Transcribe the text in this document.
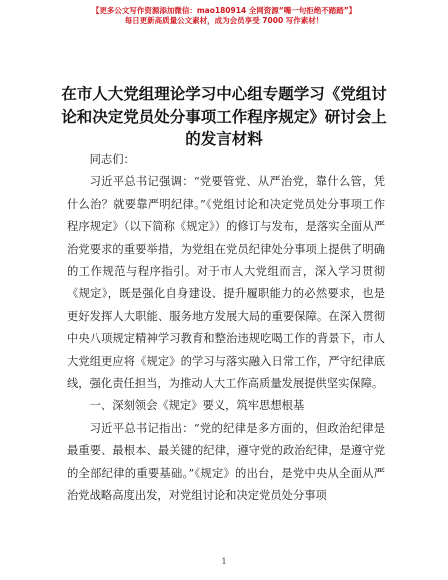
【更多公文写作资源添加微信：mao180914 全网资源“嘴一句拒绝不踏踏”】
每日更新高质量公文素材，成为会员享受 7000 写作素材！
在市人大党组理论学习中心组专题学习《党组讨论和决定党员处分事项工作程序规定》研讨会上的发言材料

同志们：

习近平总书记强调：“党要管党、从严治党，靠什么管，凭什么治？就要靠严明纪律。”《党组讨论和决定党员处分事项工作程序规定》（以下简称《规定》）的修订与发布，是落实全面从严治党要求的重要举措，为党组在党员纪律处分事项上提供了明确的工作规范与程序指引。对于市人大党组而言，深入学习贯彻《规定》，既是强化自身建设、提升履职能力的必然要求，也是更好发挥人大职能、服务地方发展大局的重要保障。在深入贯彻中央八项规定精神学习教育和整治违规吃喝工作的背景下，市人大党组更应将《规定》的学习与落实融入日常工作，严守纪律底线，强化责任担当，为推动人大工作高质量发展提供坚实保障。

一、深刻领会《规定》要义，筑牢思想根基

习近平总书记指出：“党的纪律是多方面的，但政治纪律是最重要、最根本、最关键的纪律，遵守党的政治纪律，是遵守党的全部纪律的重要基础。”《规定》的出台，是党中央从全面从严治党战略高度出发，对党组讨论和决定党员处分事项

1
